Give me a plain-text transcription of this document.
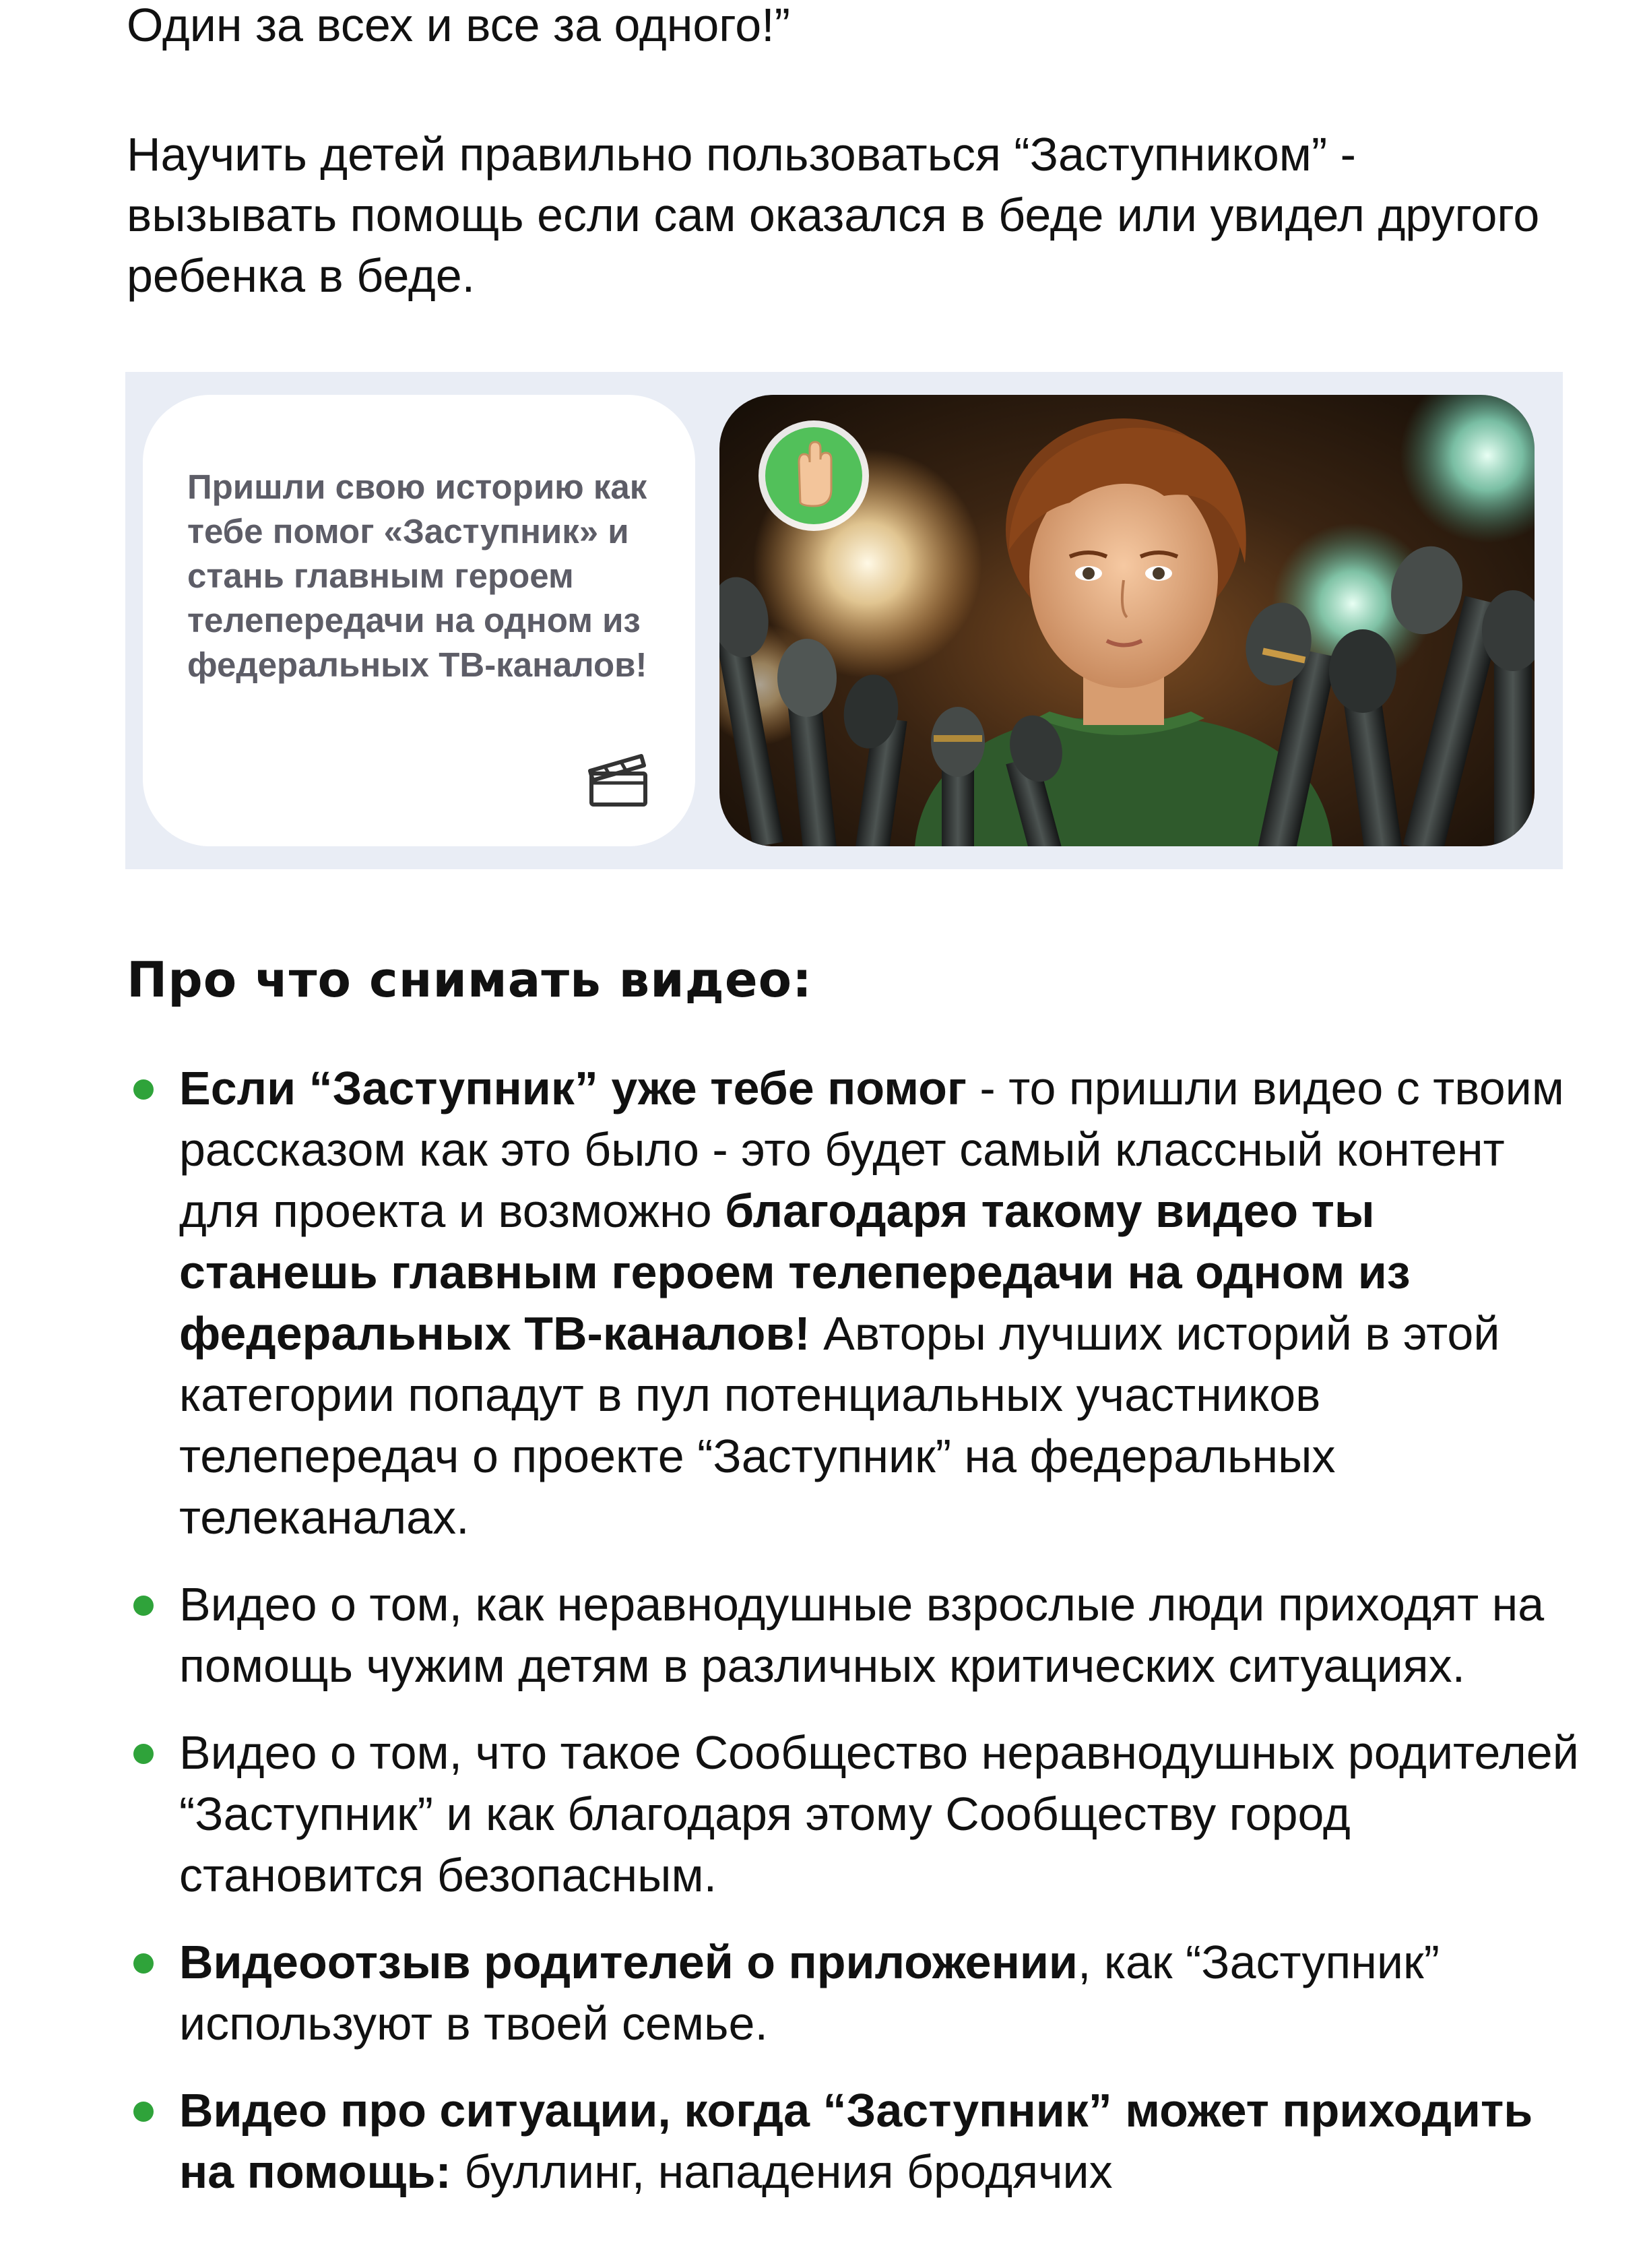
Один за всех и все за одного!”

Научить детей правильно пользоваться “Заступником” - вызывать помощь если сам оказался в беде или увидел другого ребенка в беде.

Пришли свою историю как тебе помог «Заступник» и стань главным героем телепередачи на одном из федеральных ТВ-каналов!

Про что снимать видео:
Если “Заступник” уже тебе помог - то пришли видео с твоим рассказом как это было - это будет самый классный контент для проекта и возможно благодаря такому видео ты станешь главным героем телепередачи на одном из федеральных ТВ-каналов! Авторы лучших историй в этой категории попадут в пул потенциальных участников телепередач о проекте “Заступник” на федеральных телеканалах.
Видео о том, как неравнодушные взрослые люди приходят на помощь чужим детям в различных критических ситуациях.
Видео о том, что такое Сообщество неравнодушных родителей “Заступник” и как благодаря этому Сообществу город становится безопасным.
Видеоотзыв родителей о приложении, как “Заступник” используют в твоей семье.
Видео про ситуации, когда “Заступник” может приходить на помощь: буллинг, нападения бродячих
